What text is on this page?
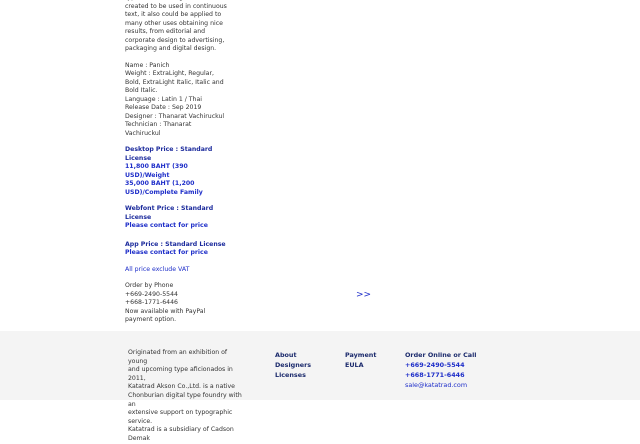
created to be used in continuous

text, it also could be applied to

many other uses obtaining nice

results, from editorial and

corporate design to advertising,

packaging and digital design.

Name : Panich

Weight : ExtraLight, Regular,

Bold, ExtraLight Italic, Italic and

Bold Italic.

Language : Latin 1 / Thai

Release Date : Sep 2019

Designer : Thanarat Vachiruckul

Technician : Thanarat Vachiruckul

Desktop Price : Standard

License

11,800 BAHT (390 USD)/Weight

35,000 BAHT (1,200

USD)/Complete Family

Webfont Price : Standard License

Please contact for price

App Price : Standard License

Please contact for price

All price exclude VAT

Order by Phone

+669-2490-5544

+668-1771-6446

Now available with PayPal

payment option.

>>
Originated from an exhibition of young
and upcoming type aficionados in 2011,
Katatrad Akson Co.,Ltd. is a native
Chonburian digital type foundry with an
extensive support on typographic service.
Katatrad is a subsidiary of Cadson Demak
About
Designers
Licenses
Payment
EULA
Order Online or Call
+669-2490-5544
+668-1771-6446
sale@katatrad.com
